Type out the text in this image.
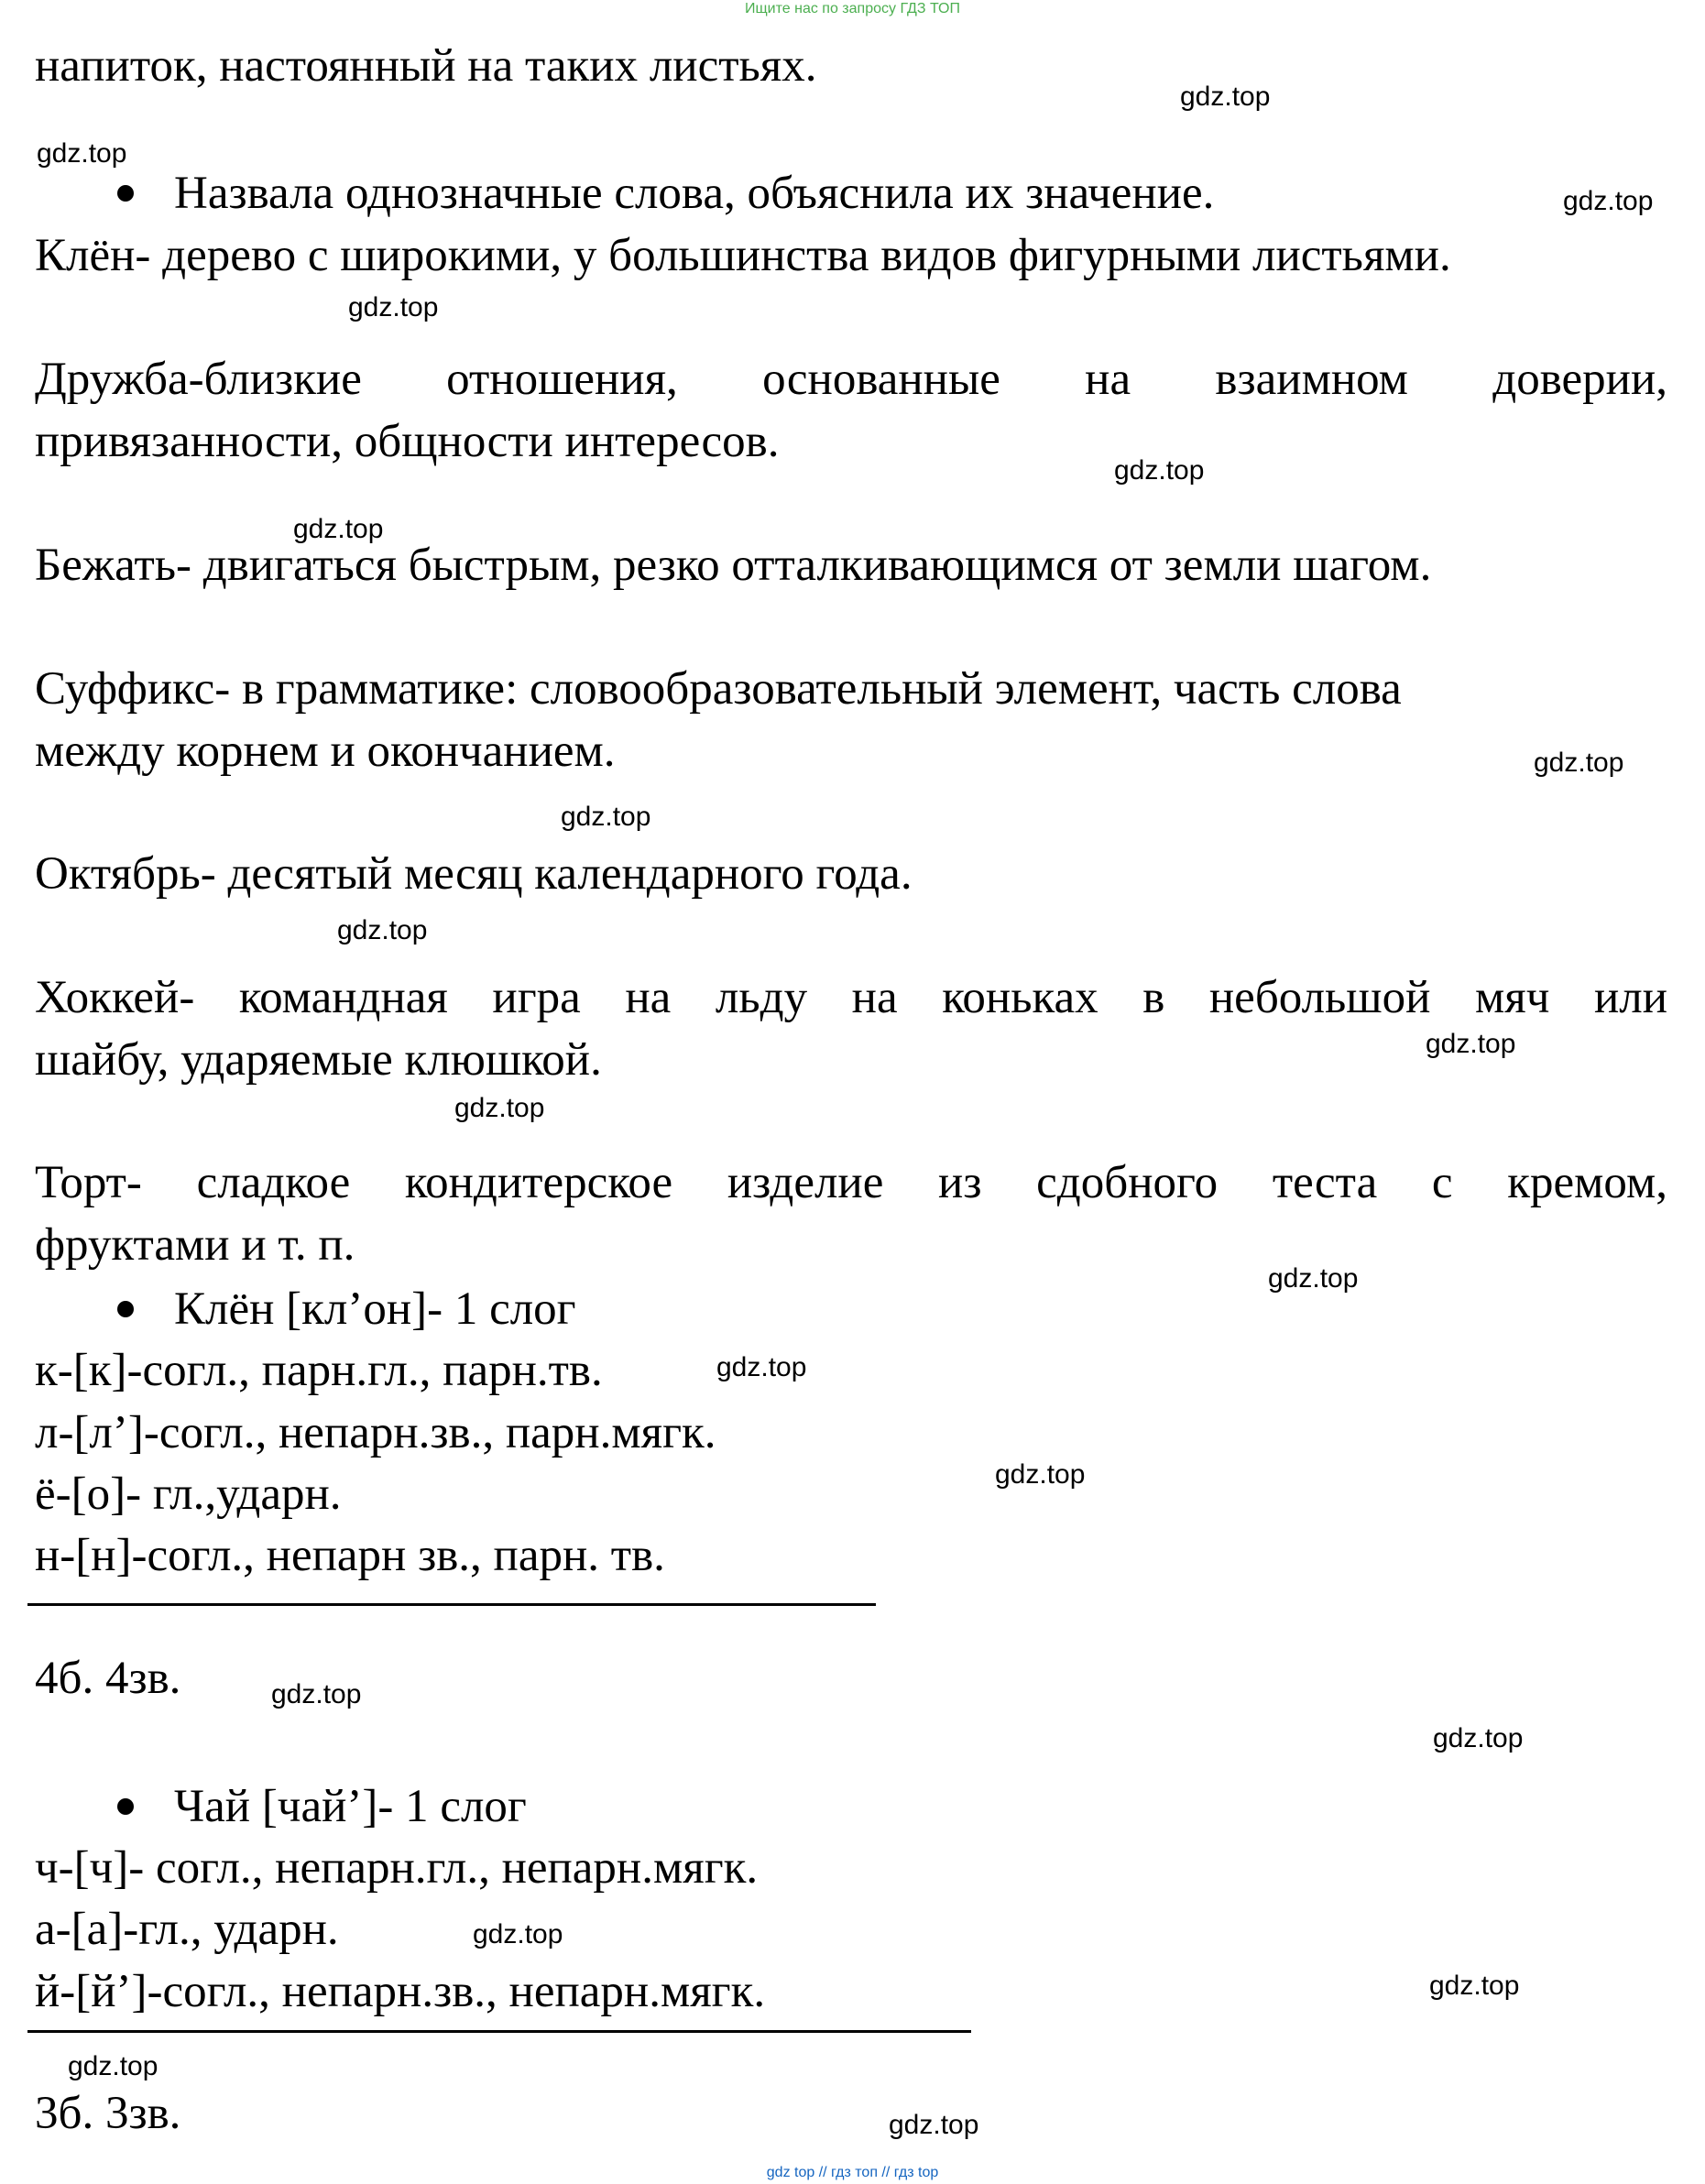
Ищите нас по запросу ГДЗ ТОП
напиток, настоянный на таких листьях.
Назвала однозначные слова, объяснила их значение.
Клён- дерево с широкими, у большинства видов фигурными листьями.
Дружба-близкие отношения, основанные на взаимном доверии,
привязанности, общности интересов.
Бежать- двигаться быстрым, резко отталкивающимся от земли шагом.
Суффикс- в грамматике: словообразовательный элемент, часть слова
между корнем и окончанием.
Октябрь- десятый месяц календарного года.
Хоккей- командная игра на льду на коньках в небольшой мяч или
шайбу, ударяемые клюшкой.
Торт- сладкое кондитерское изделие из сдобного теста с кремом,
фруктами и т. п.
Клён [кл’он]- 1 слог
к-[к]-согл., парн.гл., парн.тв.
л-[л’]-согл., непарн.зв., парн.мягк.
ё-[о]- гл.,ударн.
н-[н]-согл., непарн зв., парн. тв.
4б. 4зв.
Чай [чай’]- 1 слог
ч-[ч]- согл., непарн.гл., непарн.мягк.
а-[а]-гл., ударн.
й-[й’]-согл., непарн.зв., непарн.мягк.
3б. 3зв.
gdz.top
gdz.top
gdz.top
gdz.top
gdz.top
gdz.top
gdz.top
gdz.top
gdz.top
gdz.top
gdz.top
gdz.top
gdz.top
gdz.top
gdz.top
gdz.top
gdz.top
gdz.top
gdz.top
gdz.top
gdz top // гдз топ // гдз top
